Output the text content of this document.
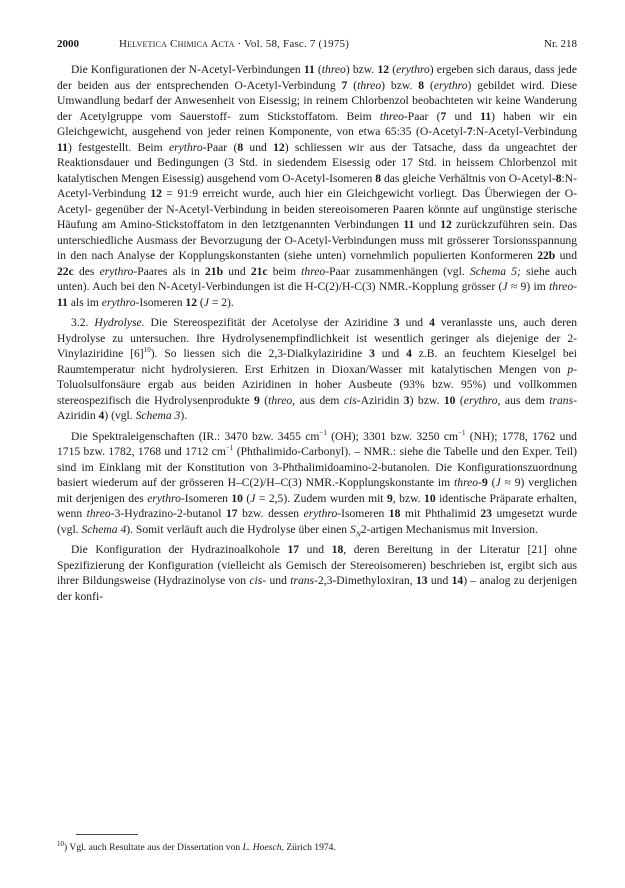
2000	Helvetica Chimica Acta · Vol. 58, Fasc. 7 (1975)	Nr. 218

Die Konfigurationen der N-Acetyl-Verbindungen 11 (threo) bzw. 12 (erythro) ergeben sich daraus, dass jede der beiden aus der entsprechenden O-Acetyl-Verbindung 7 (threo) bzw. 8 (erythro) gebildet wird. Diese Umwandlung bedarf der Anwesenheit von Eisessig; in reinem Chlorbenzol beobachteten wir keine Wanderung der Acetylgruppe vom Sauerstoff- zum Stickstoffatom. Beim threo-Paar (7 und 11) haben wir ein Gleichgewicht, ausgehend von jeder reinen Komponente, von etwa 65:35 (O-Acetyl-7:N-Acetyl-Verbindung 11) festgestellt. Beim erythro-Paar (8 und 12) schliessen wir aus der Tatsache, dass da ungeachtet der Reaktionsdauer und Bedingungen (3 Std. in siedendem Eisessig oder 17 Std. in heissem Chlorbenzol mit katalytischen Mengen Eisessig) ausgehend vom O-Acetyl-Isomeren 8 das gleiche Verhältnis von O-Acetyl-8:N-Acetyl-Verbindung 12 = 91:9 erreicht wurde, auch hier ein Gleichgewicht vorliegt. Das Überwiegen der O-Acetyl- gegenüber der N-Acetyl-Verbindung in beiden stereoisomeren Paaren könnte auf ungünstige sterische Häufung am Amino-Stickstoffatom in den letztgenannten Verbindungen 11 und 12 zurückzuführen sein. Das unterschiedliche Ausmass der Bevorzugung der O-Acetyl-Verbindungen muss mit grösserer Torsionsspannung in den nach Analyse der Kopplungskonstanten (siehe unten) vornehmlich populierten Konformeren 22b und 22c des erythro-Paares als in 21b und 21c beim threo-Paar zusammenhängen (vgl. Schema 5; siehe auch unten). Auch bei den N-Acetyl-Verbindungen ist die H-C(2)/H-C(3) NMR.-Kopplung grösser (J ≈ 9) im threo-11 als im erythro-Isomeren 12 (J = 2).

3.2. Hydrolyse. Die Stereospezifität der Acetolyse der Aziridine 3 und 4 veranlasste uns, auch deren Hydrolyse zu untersuchen. Ihre Hydrolysenempfindlichkeit ist wesentlich geringer als diejenige der 2-Vinylaziridine $[6]^{10}$). So liessen sich die 2,3-Dialkylaziridine 3 und 4 z.B. an feuchtem Kieselgel bei Raumtemperatur nicht hydrolysieren. Erst Erhitzen in Dioxan/Wasser mit katalytischen Mengen von p-Toluolsulfonsäure ergab aus beiden Aziridinen in hoher Ausbeute (93% bzw. 95%) und vollkommen stereospezifisch die Hydrolysenprodukte 9 (threo, aus dem cis-Aziridin 3) bzw. 10 (erythro, aus dem trans-Aziridin 4) (vgl. Schema 3).

Die Spektraleigenschaften (IR.: 3470 bzw. 3455 $cm^{-1}$ (OH); 3301 bzw. 3250 $cm^{-1}$ (NH); 1778, 1762 und 1715 bzw. 1782, 1768 und 1712 $cm^{-1}$ (Phthalimido-Carbonyl). – NMR.: siehe die Tabelle und den Exper. Teil) sind im Einklang mit der Konstitution von 3-Phthalimidoamino-2-butanolen. Die Konfigurationszuordnung basiert wiederum auf der grösseren H–C(2)/H–C(3) NMR.-Kopplungskonstante im threo-9 (J ≈ 9) verglichen mit derjenigen des erythro-Isomeren 10 (J = 2,5). Zudem wurden mit 9, bzw. 10 identische Präparate erhalten, wenn threo-3-Hydrazino-2-butanol 17 bzw. dessen erythro-Isomeren 18 mit Phthalimid 23 umgesetzt wurde (vgl. Schema 4). Somit verläuft auch die Hydrolyse über einen $S_N2$-artigen Mechanismus mit Inversion.

Die Konfiguration der Hydrazinoalkohole 17 und 18, deren Bereitung in der Literatur [21] ohne Spezifizierung der Konfiguration (vielleicht als Gemisch der Stereoisomeren) beschrieben ist, ergibt sich aus ihrer Bildungsweise (Hydrazinolyse von cis- und trans-2,3-Dimethyloxiran, 13 und 14) – analog zu derjenigen der konfi-

$^{10}$) Vgl. auch Resultate aus der Dissertation von L. Hoesch, Zürich 1974.
